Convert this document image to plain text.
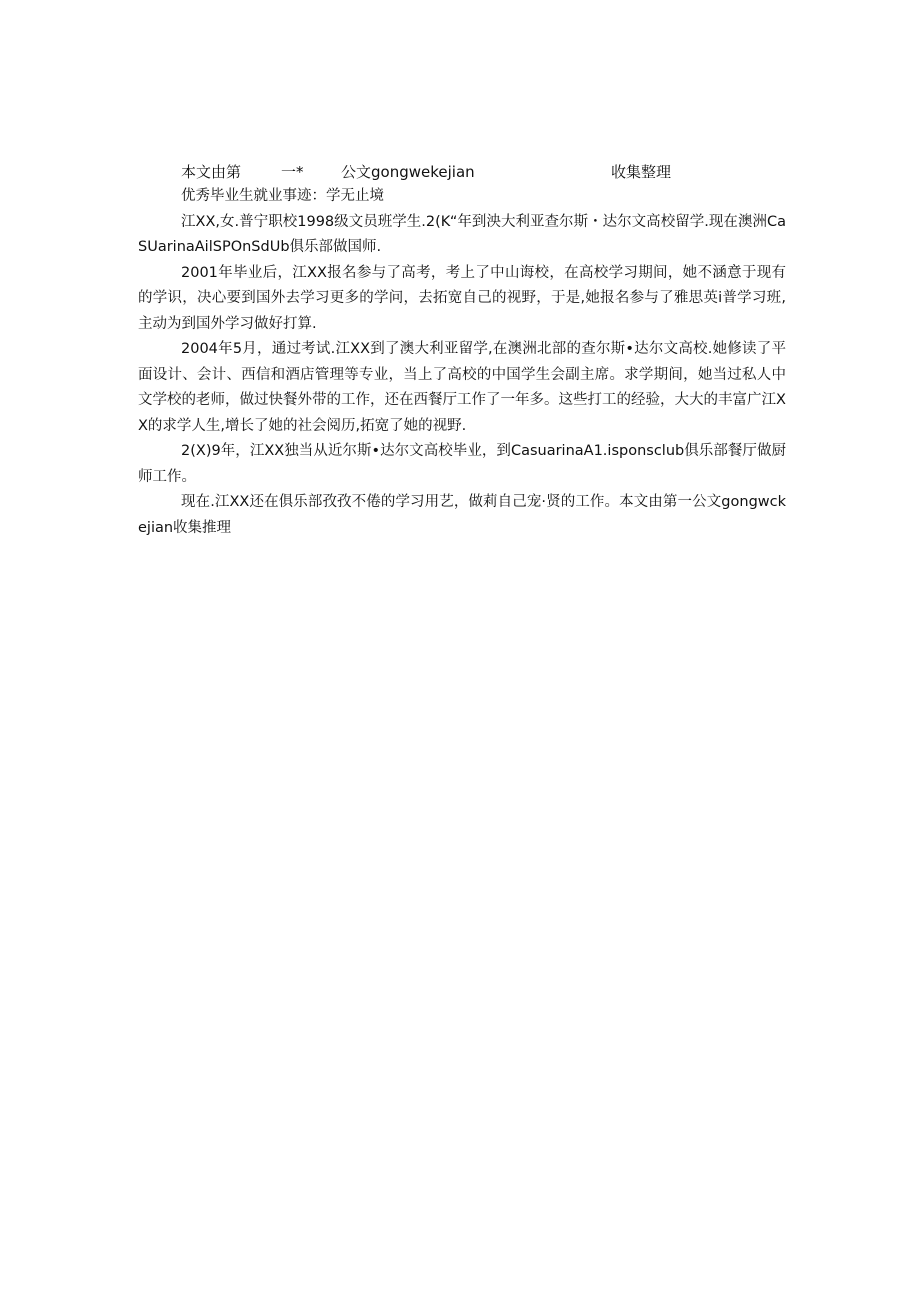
本文由第	一* 公文gongwekejian	收集整理

优秀毕业生就业事迹：学无止境

江XX,女.普宁职校1998级文员班学生.2(K“年到泱大利亚查尔斯・达尔文高校留学.现在澳洲CaSUarinaAilSPOnSdUb俱乐部做国师.

2001年毕业后，江XX报名参与了高考，考上了中山诲校，在高校学习期间，她不涵意于现有的学识，决心要到国外去学习更多的学问，去拓宽自己的视野，于是,她报名参与了雅思英i普学习班,主动为到国外学习做好打算.

2004年5月，通过考试.江XX到了澳大利亚留学,在澳洲北部的查尔斯•达尔文高校.她修读了平面设计、会计、西信和酒店管理等专业，当上了高校的中国学生会副主席。求学期间，她当过私人中文学校的老师，做过快餐外带的工作，还在西餐厅工作了一年多。这些打工的经验，大大的丰富广江XX的求学人生,增长了她的社会阅历,拓宽了她的视野.

2(X)9年，江XX独当从近尔斯•达尔文高校毕业，到CasuarinaA1.isponsclub俱乐部餐厅做厨师工作。

现在.江XX还在俱乐部孜孜不倦的学习用艺，做莉自己宠·贤的工作。本文由第一公文gongwckejian收集推理
